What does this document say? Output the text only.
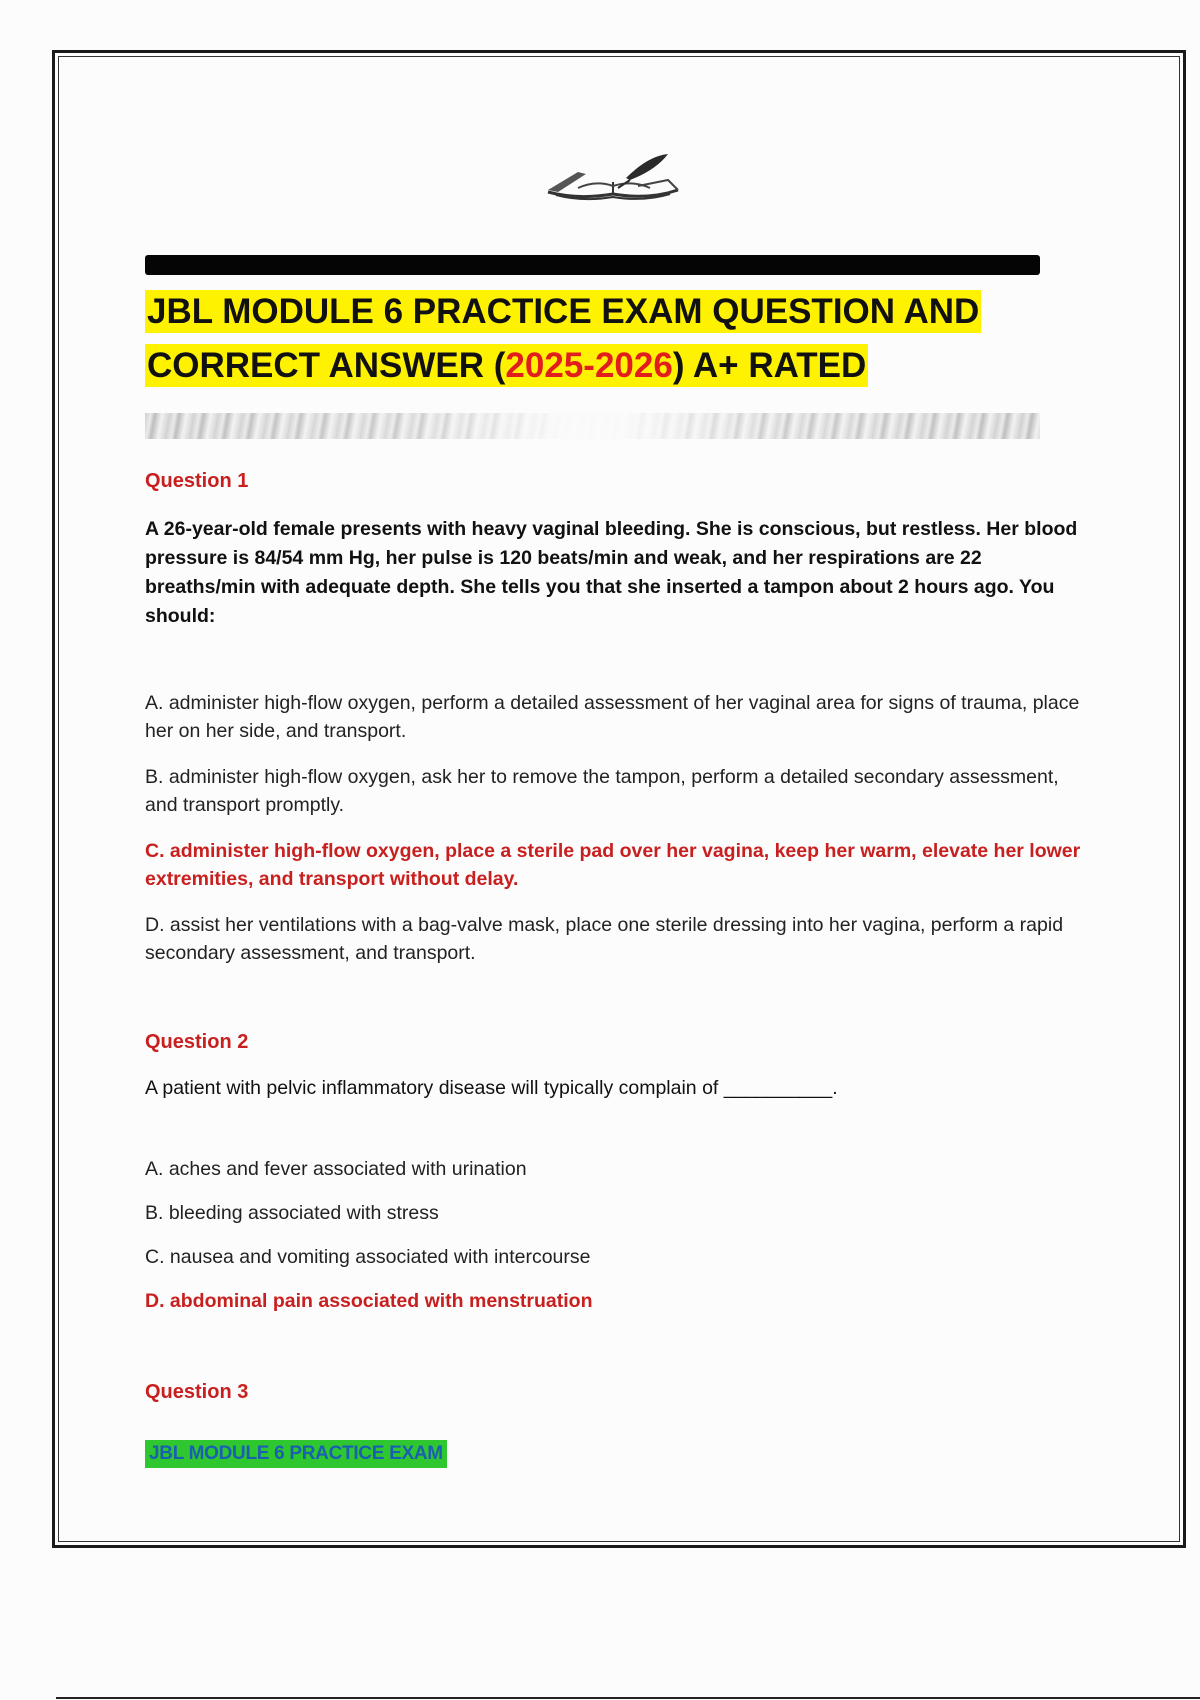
JBL MODULE 6 PRACTICE EXAM QUESTION AND
CORRECT ANSWER (2025-2026) A+ RATED

Question 1

A 26-year-old female presents with heavy vaginal bleeding. She is conscious, but restless. Her blood pressure is 84/54 mm Hg, her pulse is 120 beats/min and weak, and her respirations are 22 breaths/min with adequate depth. She tells you that she inserted a tampon about 2 hours ago. You should:

A. administer high-flow oxygen, perform a detailed assessment of her vaginal area for signs of trauma, place her on her side, and transport.

B. administer high-flow oxygen, ask her to remove the tampon, perform a detailed secondary assessment, and transport promptly.

C. administer high-flow oxygen, place a sterile pad over her vagina, keep her warm, elevate her lower extremities, and transport without delay.

D. assist her ventilations with a bag-valve mask, place one sterile dressing into her vagina, perform a rapid secondary assessment, and transport.

Question 2

A patient with pelvic inflammatory disease will typically complain of __________.

A. aches and fever associated with urination

B. bleeding associated with stress

C. nausea and vomiting associated with intercourse

D. abdominal pain associated with menstruation

Question 3

JBL MODULE 6 PRACTICE EXAM
